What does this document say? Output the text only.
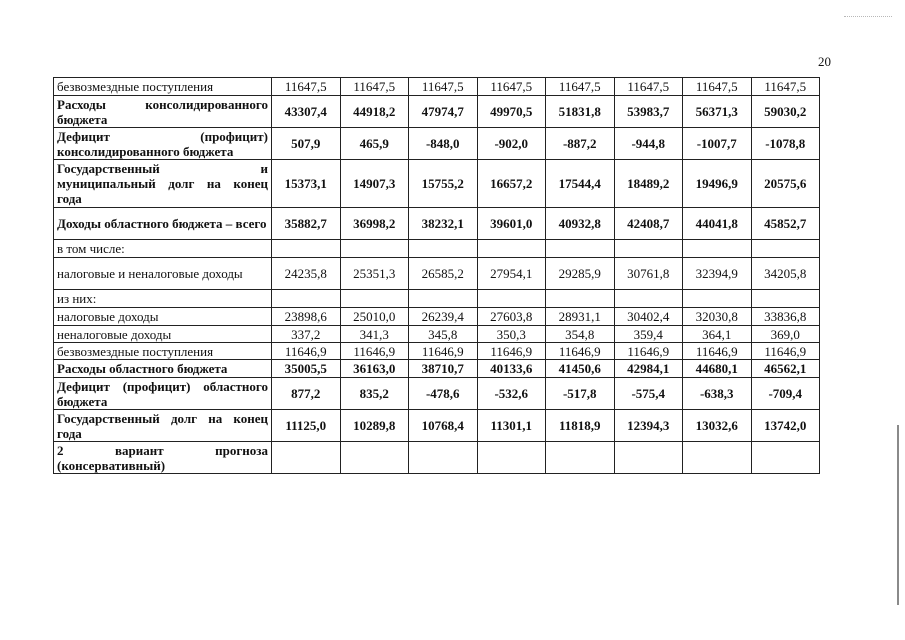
20
безвозмездные поступления	11647,5	11647,5	11647,5	11647,5	11647,5	11647,5	11647,5	11647,5
Расходы консолидированного бюджета	43307,4	44918,2	47974,7	49970,5	51831,8	53983,7	56371,3	59030,2
Дефицит (профицит) консолидированного бюджета	507,9	465,9	-848,0	-902,0	-887,2	-944,8	-1007,7	-1078,8
Государственный и муниципальный долг на конец года	15373,1	14907,3	15755,2	16657,2	17544,4	18489,2	19496,9	20575,6
Доходы областного бюджета – всего	35882,7	36998,2	38232,1	39601,0	40932,8	42408,7	44041,8	45852,7
в том числе:								
налоговые и неналоговые доходы	24235,8	25351,3	26585,2	27954,1	29285,9	30761,8	32394,9	34205,8
из них:								
налоговые доходы	23898,6	25010,0	26239,4	27603,8	28931,1	30402,4	32030,8	33836,8
неналоговые доходы	337,2	341,3	345,8	350,3	354,8	359,4	364,1	369,0
безвозмездные поступления	11646,9	11646,9	11646,9	11646,9	11646,9	11646,9	11646,9	11646,9
Расходы областного бюджета	35005,5	36163,0	38710,7	40133,6	41450,6	42984,1	44680,1	46562,1
Дефицит (профицит) областного бюджета	877,2	835,2	-478,6	-532,6	-517,8	-575,4	-638,3	-709,4
Государственный долг на конец года	11125,0	10289,8	10768,4	11301,1	11818,9	12394,3	13032,6	13742,0
2 вариант прогноза (консервативный)								
